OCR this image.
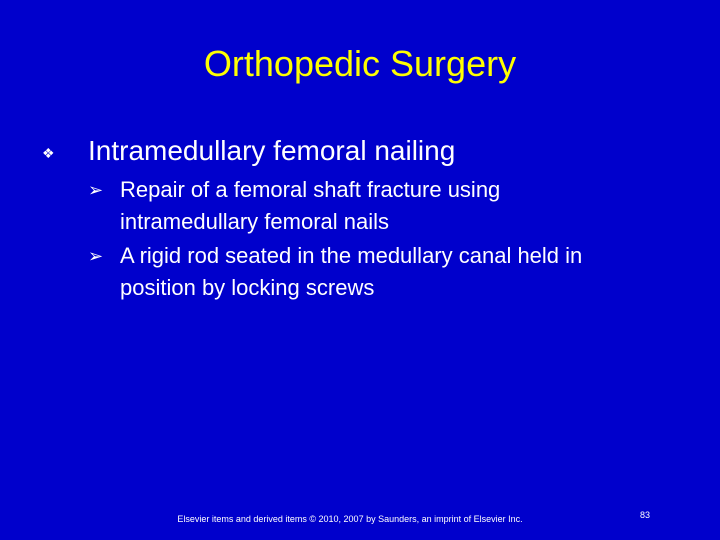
Orthopedic Surgery
❖	Intramedullary femoral nailing
➢ Repair of a femoral shaft fracture using intramedullary femoral nails
➢ A rigid rod seated in the medullary canal held in position by locking screws
Elsevier items and derived items © 2010, 2007 by Saunders, an imprint of Elsevier Inc.	83
